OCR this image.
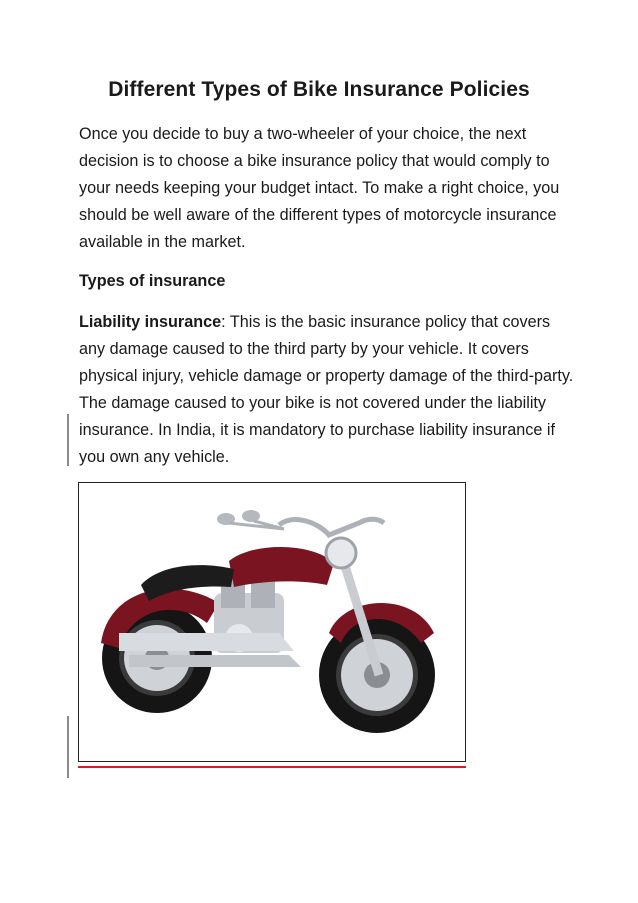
Different Types of Bike Insurance Policies

Once you decide to buy a two-wheeler of your choice, the next decision is to choose a bike insurance policy that would comply to your needs keeping your budget intact. To make a right choice, you should be well aware of the different types of motorcycle insurance available in the market.

Types of insurance

Liability insurance: This is the basic insurance policy that covers any damage caused to the third party by your vehicle. It covers physical injury, vehicle damage or property damage of the third-party. The damage caused to your bike is not covered under the liability insurance. In India, it is mandatory to purchase liability insurance if you own any vehicle.
